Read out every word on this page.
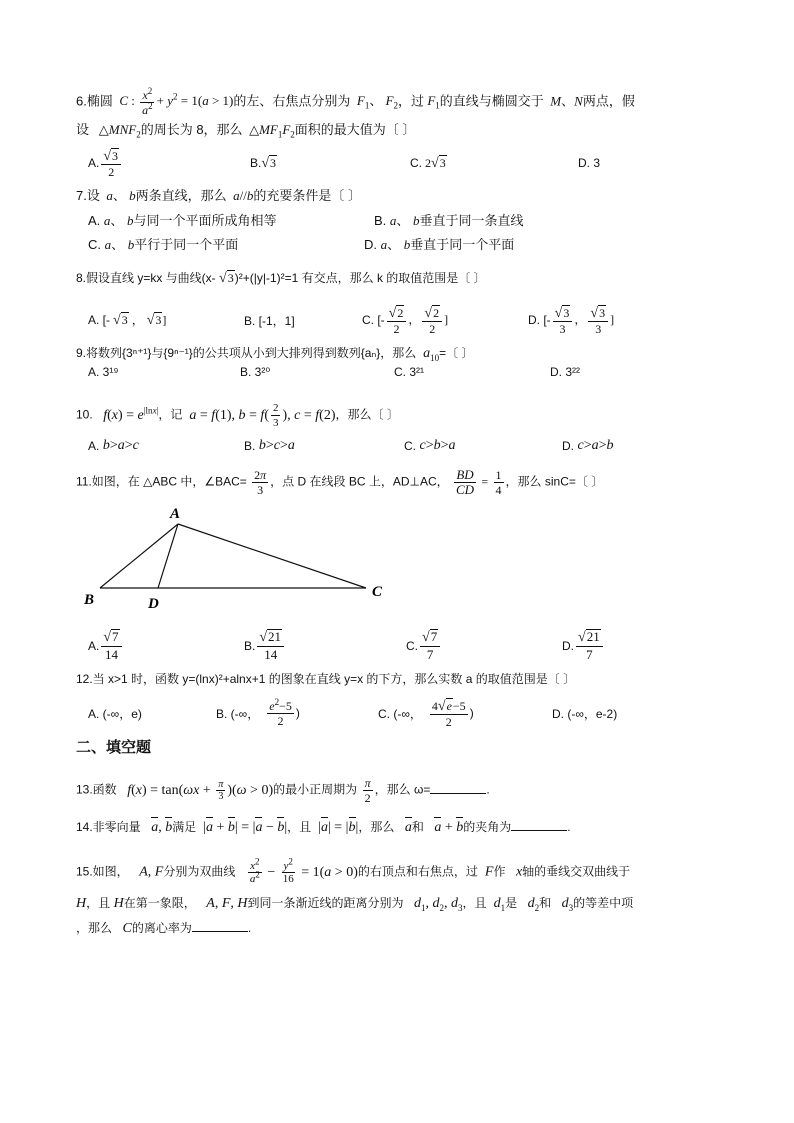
6.椭圆 C : $\frac{x^2}{a^2} + y^2 = 1(a > 1)$的左、右焦点分别为 $F_1$、 $F_2$，过 $F_1$的直线与椭圆交于 M、N两点，假
设   $\triangle MNF_2$的周长为 8，那么  $\triangle MF_1F_2$面积的最大值为〔 〕
A. $\frac{√3}{2}$	B. √3	C. 2√3	D. 3
7.设 a、 b两条直线，那么 a//b的充要条件是〔 〕
A. a、 b与同一个平面所成角相等	B. a、 b垂直于同一条直线
C. a、 b平行于同一个平面	D. a、 b垂直于同一个平面
8.假设直线 y=kx 与曲线(x- √3)²+(|y|-1)²=1 有交点，那么 k 的取值范围是〔 〕
A. [- √3 ， √3]	B. [-1，1]	C. [- $\frac{√2}{2}$ ， $\frac{√2}{2}$ ]	D. [- $\frac{√3}{3}$ ， $\frac{√3}{3}$ ]
9.将数列{3ⁿ⁺¹}与{9ⁿ⁻¹}的公共项从小到大排列得到数列{aₙ}，那么 $a_{10}=$〔 〕
A. 3¹⁹	B. 3²⁰	C. 3²¹	D. 3²²
10. $f(x) = e^{|lnx|}$，记 a = f(1), $b = f( \frac{2}{3}$ ), c = f(2)，那么〔 〕
A.
b > a > c	B.
b > c > a	C.
c > b > a	D.
c > a > b
11.如图，在 △ABC 中，∠BAC= $\frac{2\pi}{3}$ ，点 D 在线段 BC 上，AD⊥AC， $\frac{BD}{CD} = \frac{1}{4}$ ，那么 sinC=〔 〕
A
B	D
C
A. $\frac{√7}{14}$	B. $\frac{√21}{14}$	C. $\frac{√7}{7}$	D. $\frac{√21}{7}$
12.当 x>1 时，函数 y=(lnx)²+alnx+1 的图象在直线 y=x 的下方，那么实数 a 的取值范围是〔 〕
A. (-∞，e)	B. (-∞， $\frac{e^2-5}{2}$ )	C. (-∞， $\frac{4√e-5}{2}$ )	D. (-∞，e-2)
二、填空题
13.函数 $f(x) = \tan(\omega x + \frac{\pi}{3} )(\omega > 0)$的最小正周期为 $\frac{\pi}{2}$ ，那么 ω=	.
14.非零向量 a, b满足  |a + b| = |a − b|，且  |a| = |b|，那么 a和 a + b的夹角为	.
15.如图， A, F分别为双曲线 $\frac{x^2}{a^2} - \frac{y^2}{16} = 1(a > 0)$的右顶点和右焦点，过 F作 x轴的垂线交双曲线于
H，且 H在第一象限， A, F, H到同一条渐近线的距离分别为 $d_1$, $d_2$, $d_3$，且 $d_1$是 $d_2$和 $d_3$的等差中项
，那么 C的离心率为	.
